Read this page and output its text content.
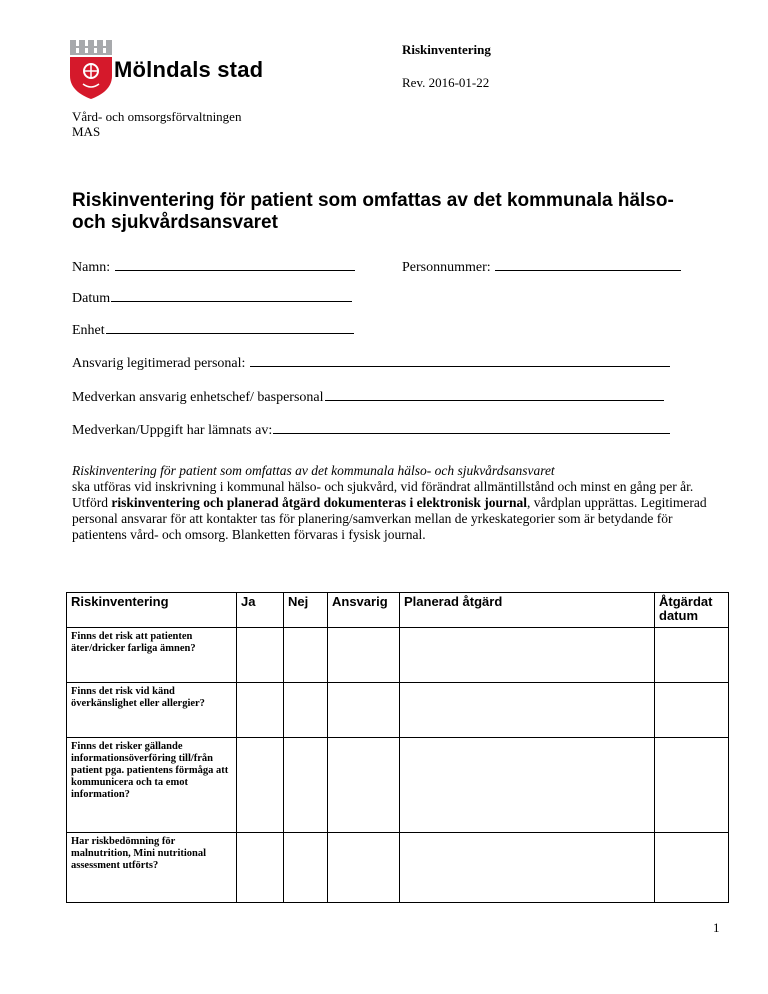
Mölndals stad
Riskinventering
Rev. 2016-01-22
Vård- och omsorgsförvaltningen
MAS
Riskinventering för patient som omfattas av det kommunala hälso- och sjukvårdsansvaret
Namn:	Personnummer:
Datum
Enhet
Ansvarig legitimerad personal:
Medverkan ansvarig enhetschef/ baspersonal
Medverkan/Uppgift har lämnats av:
Riskinventering för patient som omfattas av det kommunala hälso- och sjukvårdsansvaret
ska utföras vid inskrivning i kommunal hälso- och sjukvård, vid förändrat allmäntillstånd och minst en gång per år. Utförd riskinventering och planerad åtgärd dokumenteras i elektronisk journal, vårdplan upprättas. Legitimerad personal ansvarar för att kontakter tas för planering/samverkan mellan de yrkeskategorier som är betydande för patientens vård- och omsorg. Blanketten förvaras i fysisk journal.
Riskinventering	Ja	Nej	Ansvarig	Planerad åtgärd	Åtgärdat datum
Finns det risk att patienten äter/dricker farliga ämnen?					
Finns det risk vid känd överkänslighet eller allergier?					
Finns det risker gällande informationsöverföring till/från patient pga. patientens förmåga att kommunicera och ta emot information?					
Har riskbedömning för malnutrition, Mini nutritional assessment utförts?					
1
